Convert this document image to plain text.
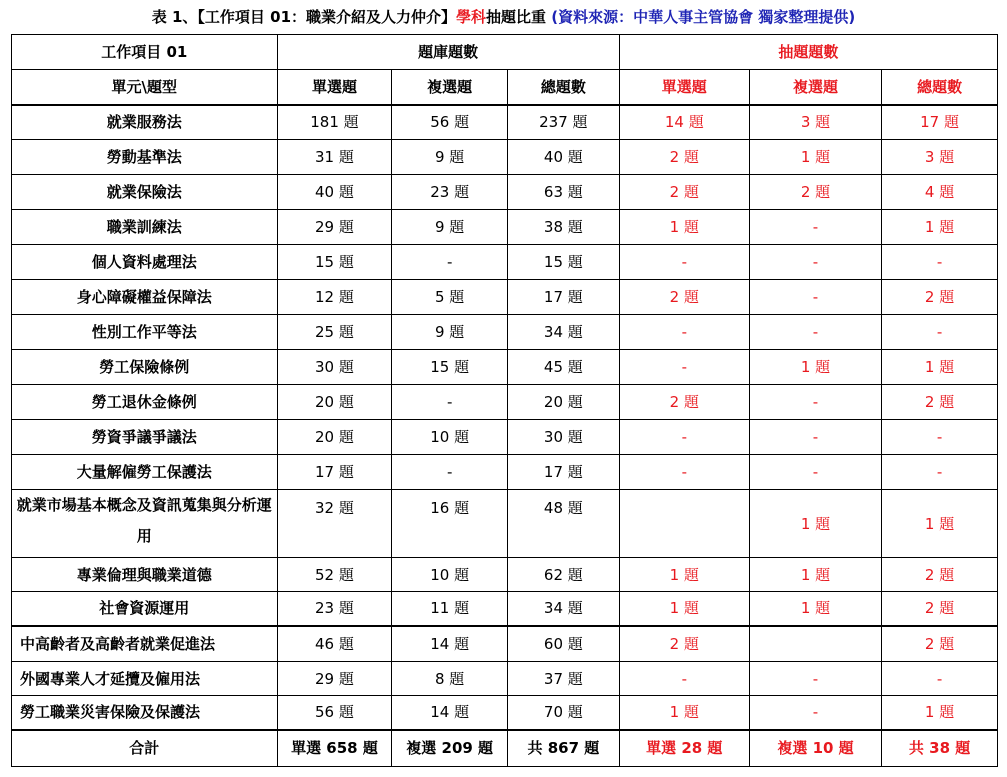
表 1、【工作項目 01：職業介紹及人力仲介】學科抽題比重 (資料來源：中華人事主管協會 獨家整理提供)
工作項目 01	題庫題數			抽題題數		
單元\題型	單選題	複選題	總題數	單選題	複選題	總題數
就業服務法	181 題	56 題	237 題	14 題	3 題	17 題
勞動基準法	31 題	9 題	40 題	2 題	1 題	3 題
就業保險法	40 題	23 題	63 題	2 題	2 題	4 題
職業訓練法	29 題	9 題	38 題	1 題	-	1 題
個人資料處理法	15 題	-	15 題	-	-	-
身心障礙權益保障法	12 題	5 題	17 題	2 題	-	2 題
性別工作平等法	25 題	9 題	34 題	-	-	-
勞工保險條例	30 題	15 題	45 題	-	1 題	1 題
勞工退休金條例	20 題	-	20 題	2 題	-	2 題
勞資爭議爭議法	20 題	10 題	30 題	-	-	-
大量解僱勞工保護法	17 題	-	17 題	-	-	-
就業市場基本概念及資訊蒐集與分析運用	32 題	16 題	48 題		1 題	1 題
專業倫理與職業道德	52 題	10 題	62 題	1 題	1 題	2 題
社會資源運用	23 題	11 題	34 題	1 題	1 題	2 題
中高齡者及高齡者就業促進法	46 題	14 題	60 題	2 題		2 題
外國專業人才延攬及僱用法	29 題	8 題	37 題	-	-	-
勞工職業災害保險及保護法	56 題	14 題	70 題	1 題	-	1 題
合計	單選 658 題	複選 209 題	共 867 題	單選 28 題	複選 10 題	共 38 題
